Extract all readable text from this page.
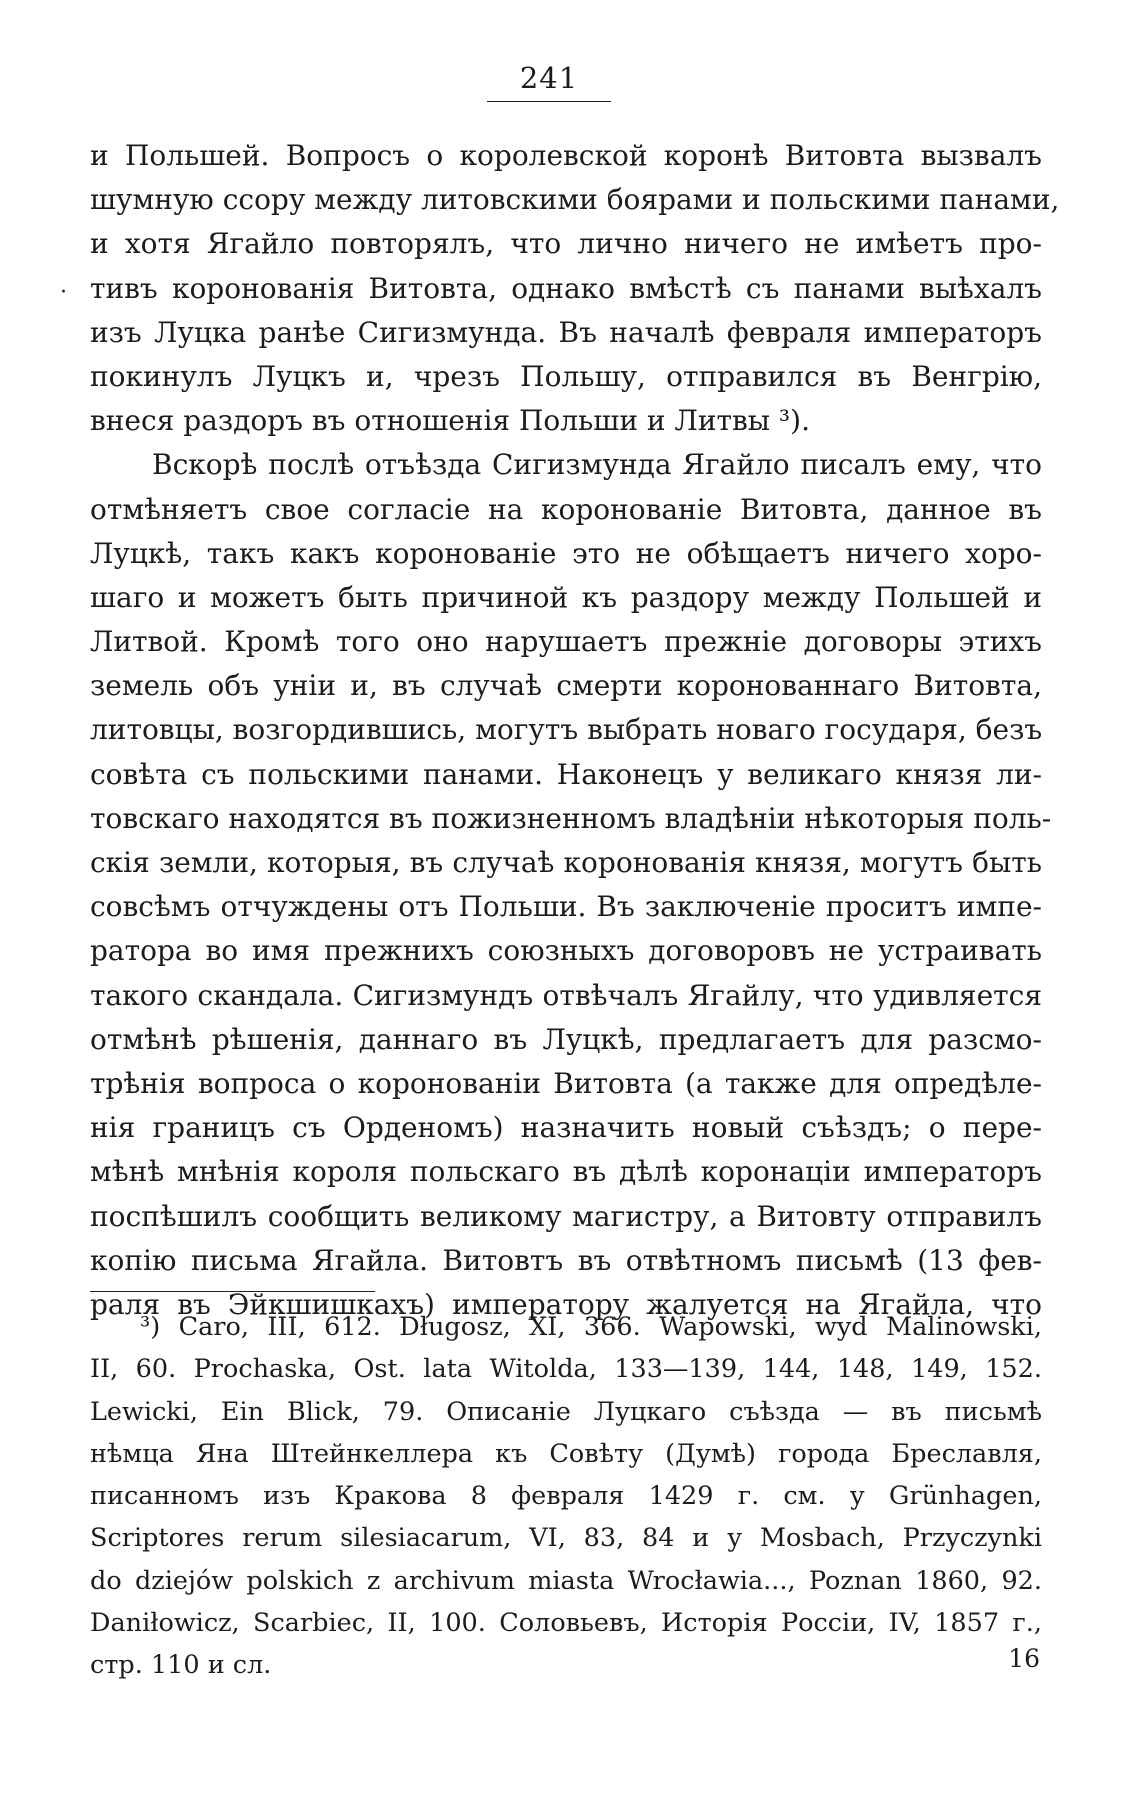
241
·
и Польшей. Вопросъ о королевской коронѣ Витовта вызвалъ
шумную ссору между литовскими боярами и польскими панами,
и хотя Ягайло повторялъ, что лично ничего не имѣетъ про-
тивъ коронованія Витовта, однако вмѣстѣ съ панами выѣхалъ
изъ Луцка ранѣе Сигизмунда. Въ началѣ февраля императоръ
покинулъ Луцкъ и, чрезъ Польшу, отправился въ Венгрію,
внеся раздоръ въ отношенія Польши и Литвы ³).
Вскорѣ послѣ отъѣзда Сигизмунда Ягайло писалъ ему, что
отмѣняетъ свое согласіе на коронованіе Витовта, данное въ
Луцкѣ, такъ какъ коронованіе это не обѣщаетъ ничего хоро-
шаго и можетъ быть причиной къ раздору между Польшей и
Литвой. Кромѣ того оно нарушаетъ прежніе договоры этихъ
земель объ уніи и, въ случаѣ смерти коронованнаго Витовта,
литовцы, возгордившись, могутъ выбрать новаго государя, безъ
совѣта съ польскими панами. Наконецъ у великаго князя ли-
товскаго находятся въ пожизненномъ владѣніи нѣкоторыя поль-
скія земли, которыя, въ случаѣ коронованія князя, могутъ быть
совсѣмъ отчуждены отъ Польши. Въ заключеніе проситъ импе-
ратора во имя прежнихъ союзныхъ договоровъ не устраивать
такого скандала. Сигизмундъ отвѣчалъ Ягайлу, что удивляется
отмѣнѣ рѣшенія, даннаго въ Луцкѣ, предлагаетъ для разсмо-
трѣнія вопроса о коронованіи Витовта (а также для опредѣле-
нія границъ съ Орденомъ) назначить новый съѣздъ; о пере-
мѣнѣ мнѣнія короля польскаго въ дѣлѣ коронаціи императоръ
поспѣшилъ сообщить великому магистру, а Витовту отправилъ
копію письма Ягайла. Витовтъ въ отвѣтномъ письмѣ (13 фев-
раля въ Эйкшишкахъ) императору жалуется на Ягайла, что
³) Caro, III, 612. Długosz, XI, 366. Wapowski, wyd Malinowski,
II, 60. Prochaska, Ost. lata Witolda, 133—139, 144, 148, 149, 152.
Lewicki, Ein Blick, 79. Описаніе Луцкаго съѣзда — въ письмѣ
нѣмца Яна Штейнкеллера къ Совѣту (Думѣ) города Бреславля,
писанномъ изъ Кракова 8 февраля 1429 г. см. у Grünhagen,
Scriptores rerum silesiacarum, VI, 83, 84 и у Mosbach, Przyczynki
do dziejów polskich z archivum miasta Wrocławia..., Poznan 1860, 92.
Daniłowicz, Scarbiec, II, 100. Соловьевъ, Исторія Россіи, IV, 1857 г.,
стр. 110 и сл.	16
